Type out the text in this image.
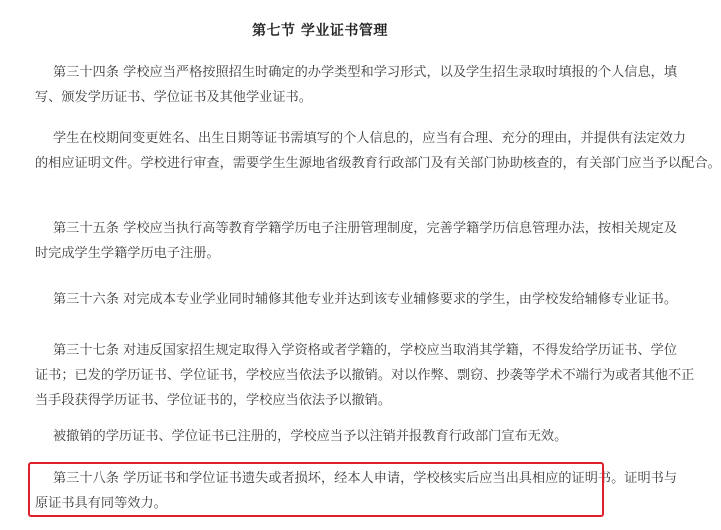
第七节 学业证书管理
第三十四条 学校应当严格按照招生时确定的办学类型和学习形式，以及学生招生录取时填报的个人信息，填
写、颁发学历证书、学位证书及其他学业证书。
学生在校期间变更姓名、出生日期等证书需填写的个人信息的，应当有合理、充分的理由，并提供有法定效力
的相应证明文件。学校进行审查，需要学生生源地省级教育行政部门及有关部门协助核查的，有关部门应当予以配合。
第三十五条 学校应当执行高等教育学籍学历电子注册管理制度，完善学籍学历信息管理办法，按相关规定及
时完成学生学籍学历电子注册。
第三十六条 对完成本专业学业同时辅修其他专业并达到该专业辅修要求的学生，由学校发给辅修专业证书。
第三十七条 对违反国家招生规定取得入学资格或者学籍的，学校应当取消其学籍，不得发给学历证书、学位
证书；已发的学历证书、学位证书，学校应当依法予以撤销。对以作弊、剽窃、抄袭等学术不端行为或者其他不正
当手段获得学历证书、学位证书的，学校应当依法予以撤销。
被撤销的学历证书、学位证书已注册的，学校应当予以注销并报教育行政部门宣布无效。
第三十八条 学历证书和学位证书遗失或者损坏，经本人申请，学校核实后应当出具相应的证明书。证明书与
原证书具有同等效力。
